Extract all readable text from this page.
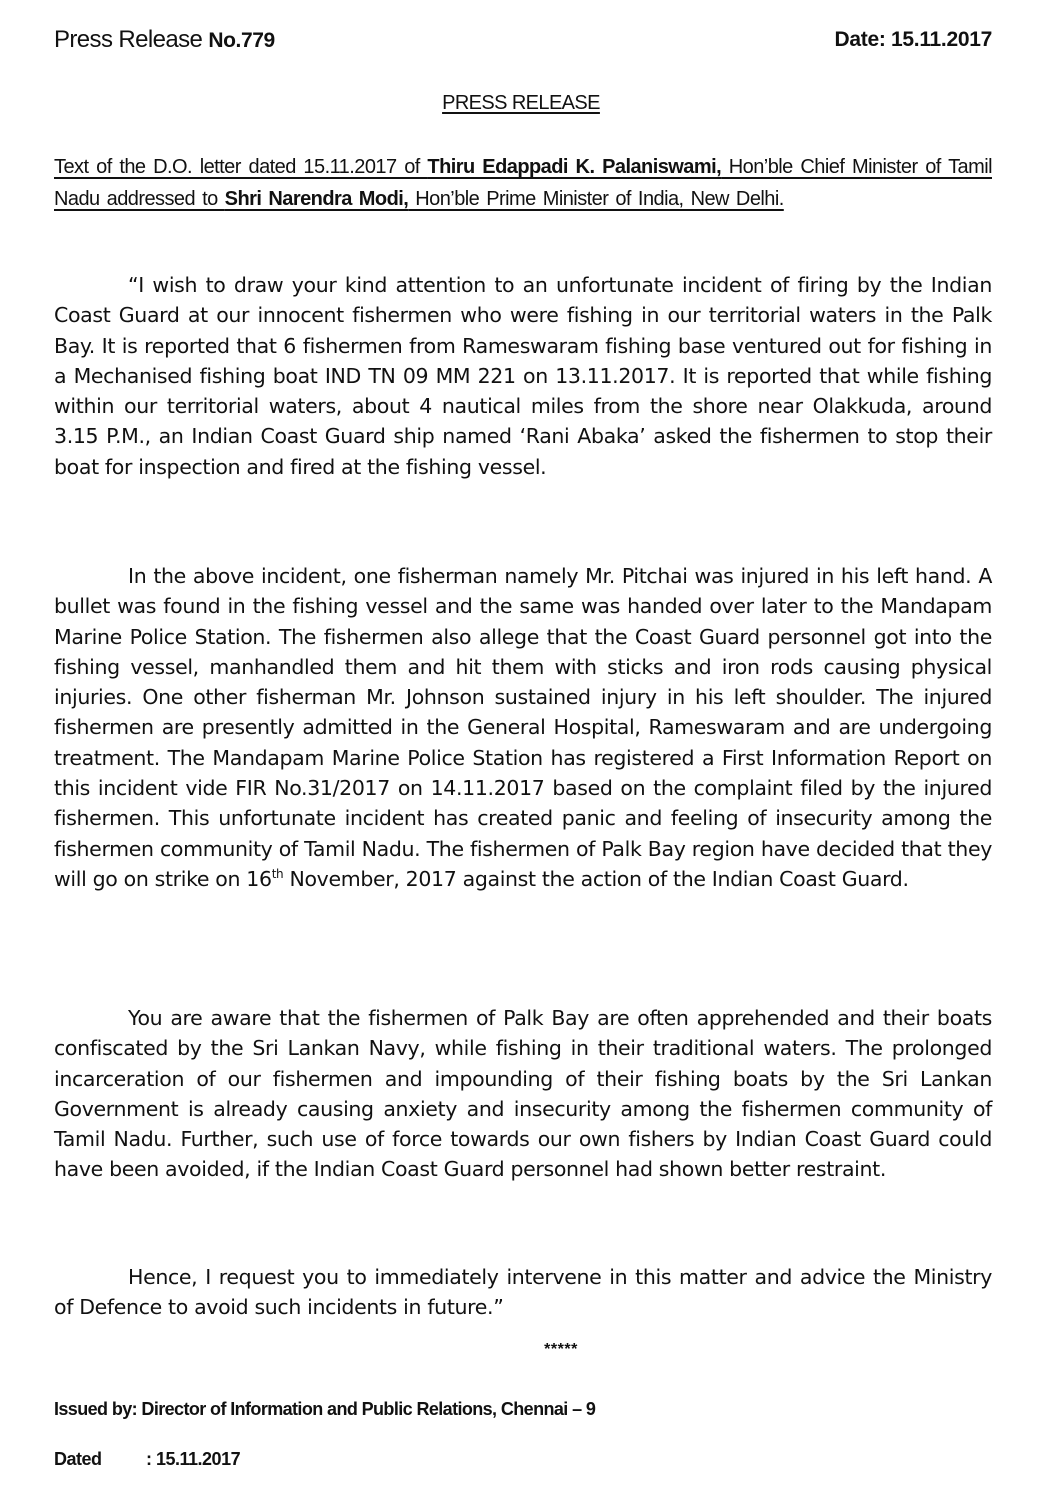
Press Release No.779	Date: 15.11.2017
PRESS RELEASE
Text of the D.O. letter dated 15.11.2017 of Thiru Edappadi K. Palaniswami, Hon’ble Chief Minister of Tamil Nadu addressed to Shri Narendra Modi, Hon’ble Prime Minister of India, New Delhi.

“I wish to draw your kind attention to an unfortunate incident of firing by the Indian Coast Guard at our innocent fishermen who were fishing in our territorial waters in the Palk Bay. It is reported that 6 fishermen from Rameswaram fishing base ventured out for fishing in a Mechanised fishing boat IND TN 09 MM 221 on 13.11.2017. It is reported that while fishing within our territorial waters, about 4 nautical miles from the shore near Olakkuda, around 3.15 P.M., an Indian Coast Guard ship named ‘Rani Abaka’ asked the fishermen to stop their boat for inspection and fired at the fishing vessel.

In the above incident, one fisherman namely Mr. Pitchai was injured in his left hand. A bullet was found in the fishing vessel and the same was handed over later to the Mandapam Marine Police Station. The fishermen also allege that the Coast Guard personnel got into the fishing vessel, manhandled them and hit them with sticks and iron rods causing physical injuries. One other fisherman Mr. Johnson sustained injury in his left shoulder. The injured fishermen are presently admitted in the General Hospital, Rameswaram and are undergoing treatment. The Mandapam Marine Police Station has registered a First Information Report on this incident vide FIR No.31/2017 on 14.11.2017 based on the complaint filed by the injured fishermen. This unfortunate incident has created panic and feeling of insecurity among the fishermen community of Tamil Nadu. The fishermen of Palk Bay region have decided that they will go on strike on 16th November, 2017 against the action of the Indian Coast Guard.

You are aware that the fishermen of Palk Bay are often apprehended and their boats confiscated by the Sri Lankan Navy, while fishing in their traditional waters. The prolonged incarceration of our fishermen and impounding of their fishing boats by the Sri Lankan Government is already causing anxiety and insecurity among the fishermen community of Tamil Nadu. Further, such use of force towards our own fishers by Indian Coast Guard could have been avoided, if the Indian Coast Guard personnel had shown better restraint.

Hence, I request you to immediately intervene in this matter and advice the Ministry of Defence to avoid such incidents in future.”

*****
Issued by: Director of Information and Public Relations, Chennai – 9
Dated : 15.11.2017
